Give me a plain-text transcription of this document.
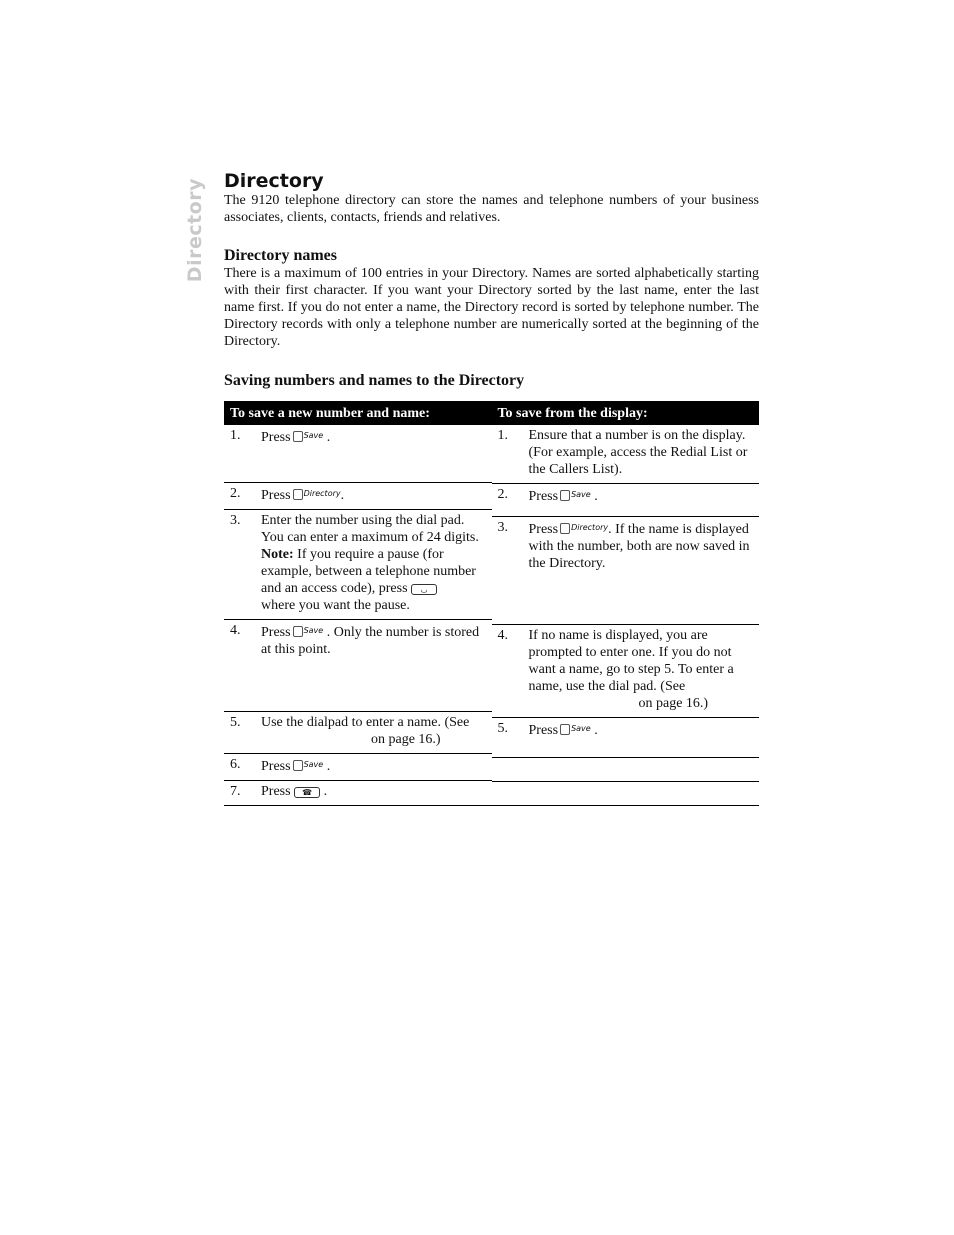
Directory Directory

The 9120 telephone directory can store the names and telephone numbers of your business associates, clients, contacts, friends and relatives.

Directory names

There is a maximum of 100 entries in your Directory. Names are sorted alphabetically starting with their first character. If you want your Directory sorted by the last name, enter the last name first. If you do not enter a name, the Directory record is sorted by telephone number. The Directory records with only a telephone number are numerically sorted at the beginning of the Directory.

Saving numbers and names to the Directory
To save a new number and name:	
1.	Press $^{Save}$ .
2.	Press $^{Directory}$.
3.	Enter the number using the dial pad. You can enter a maximum of 24 digits. Note: If you require a pause (for example, between a telephone number and an access code), press ◡
where you want the pause.
4.	Press $^{Save}$ . Only the number is stored at this point.
5.	Use the dialpad to enter a name. (See
on page 16.)
6.	Press $^{Save}$ .
7.	Press ☎ .
To save from the display:	
1.	Ensure that a number is on the display.(For example, access the Redial List or the Callers List).
2.	Press $^{Save}$ .
3.	Press $^{Directory}$. If the name is displayed with the number, both are now saved in the Directory.
4.	If no name is displayed, you are prompted to enter one. If you do not want a name, go to step 5. To enter a name, use the dial pad. (See
on page 16.)
5.	Press $^{Save}$ .
